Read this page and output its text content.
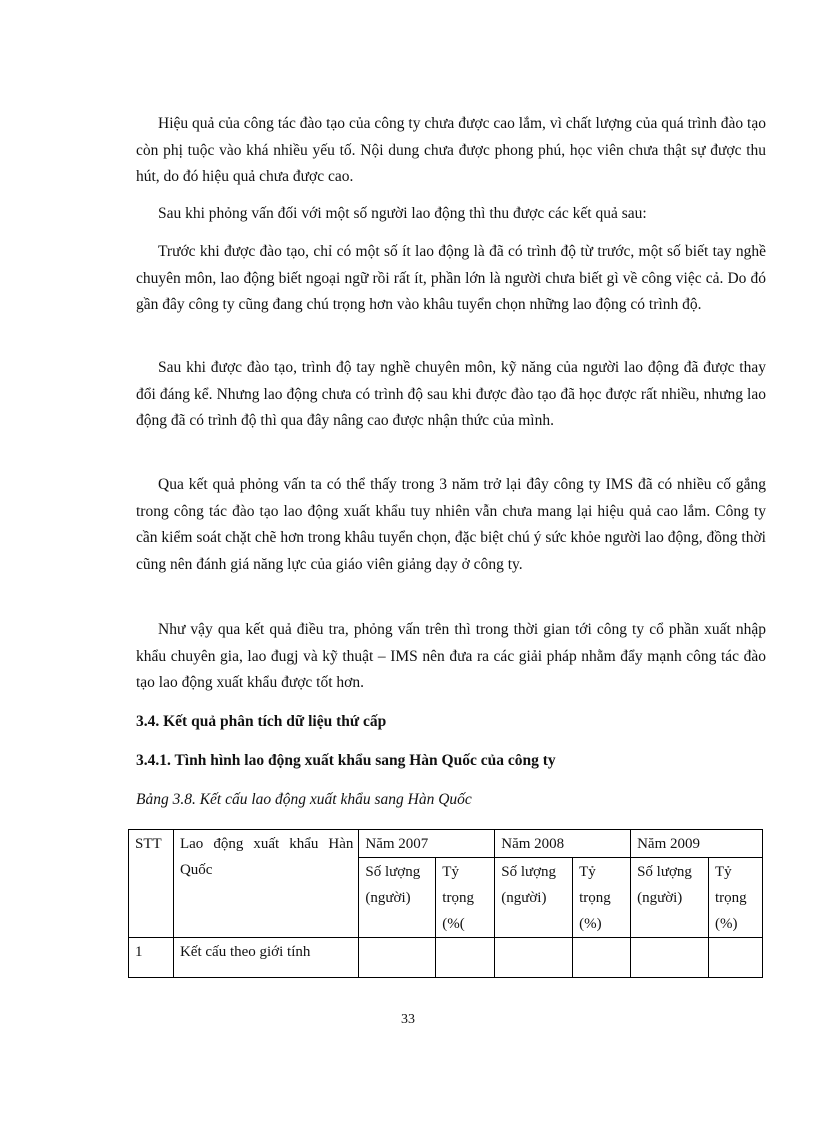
Hiệu quả của công tác đào tạo của công ty chưa được cao lắm, vì chất lượng của quá trình đào tạo còn phị tuộc vào khá nhiều yếu tố. Nội dung chưa được phong phú, học viên chưa thật sự được thu hút, do đó hiệu quả chưa được cao.

Sau khi phỏng vấn đối với một số người lao động thì thu được các kết quả sau:

Trước khi được đào tạo, chỉ có một số ít lao động là đã có trình độ từ trước, một số biết tay nghề chuyên môn, lao động biết ngoại ngữ rồi rất ít, phần lớn là người chưa biết gì về công việc cả. Do đó gần đây công ty cũng đang chú trọng hơn vào khâu tuyển chọn những lao động có trình độ.

Sau khi được đào tạo, trình độ tay nghề chuyên môn, kỹ năng của người lao động đã được thay đổi đáng kể. Nhưng lao động chưa có trình độ sau khi được đào tạo đã học được rất nhiều, nhưng lao động đã có trình độ thì qua đây nâng cao được nhận thức của mình.

Qua kết quả phỏng vấn ta có thể thấy trong 3 năm trở lại đây công ty IMS đã có nhiều cố gắng trong công tác đào tạo lao động xuất khẩu tuy nhiên vẫn chưa mang lại hiệu quả cao lắm. Công ty cần kiểm soát chặt chẽ hơn trong khâu tuyển chọn, đặc biệt chú ý sức khỏe người lao động, đồng thời cũng nên đánh giá năng lực của giáo viên giảng dạy ở công ty.

Như vậy qua kết quả điều tra, phỏng vấn trên thì trong thời gian tới công ty cổ phần xuất nhập khẩu chuyên gia, lao đugj và kỹ thuật – IMS nên đưa ra các giải pháp nhằm đẩy mạnh công tác đào tạo lao động xuất khẩu được tốt hơn.

3.4. Kết quả phân tích dữ liệu thứ cấp
3.4.1. Tình hình lao động xuất khẩu sang Hàn Quốc của công ty

Bảng 3.8. Kết cấu lao động xuất khẩu sang Hàn Quốc

STT	Lao động xuất khẩu Hàn Quốc	Năm 2007		Năm 2008		Năm 2009	
		Số lượng (người)	Tỷ trọng (%(	Số lượng (người)	Tỷ trọng (%)	Số lượng (người)	Tỷ trọng (%)
1	Kết cấu theo giới tính						

33
